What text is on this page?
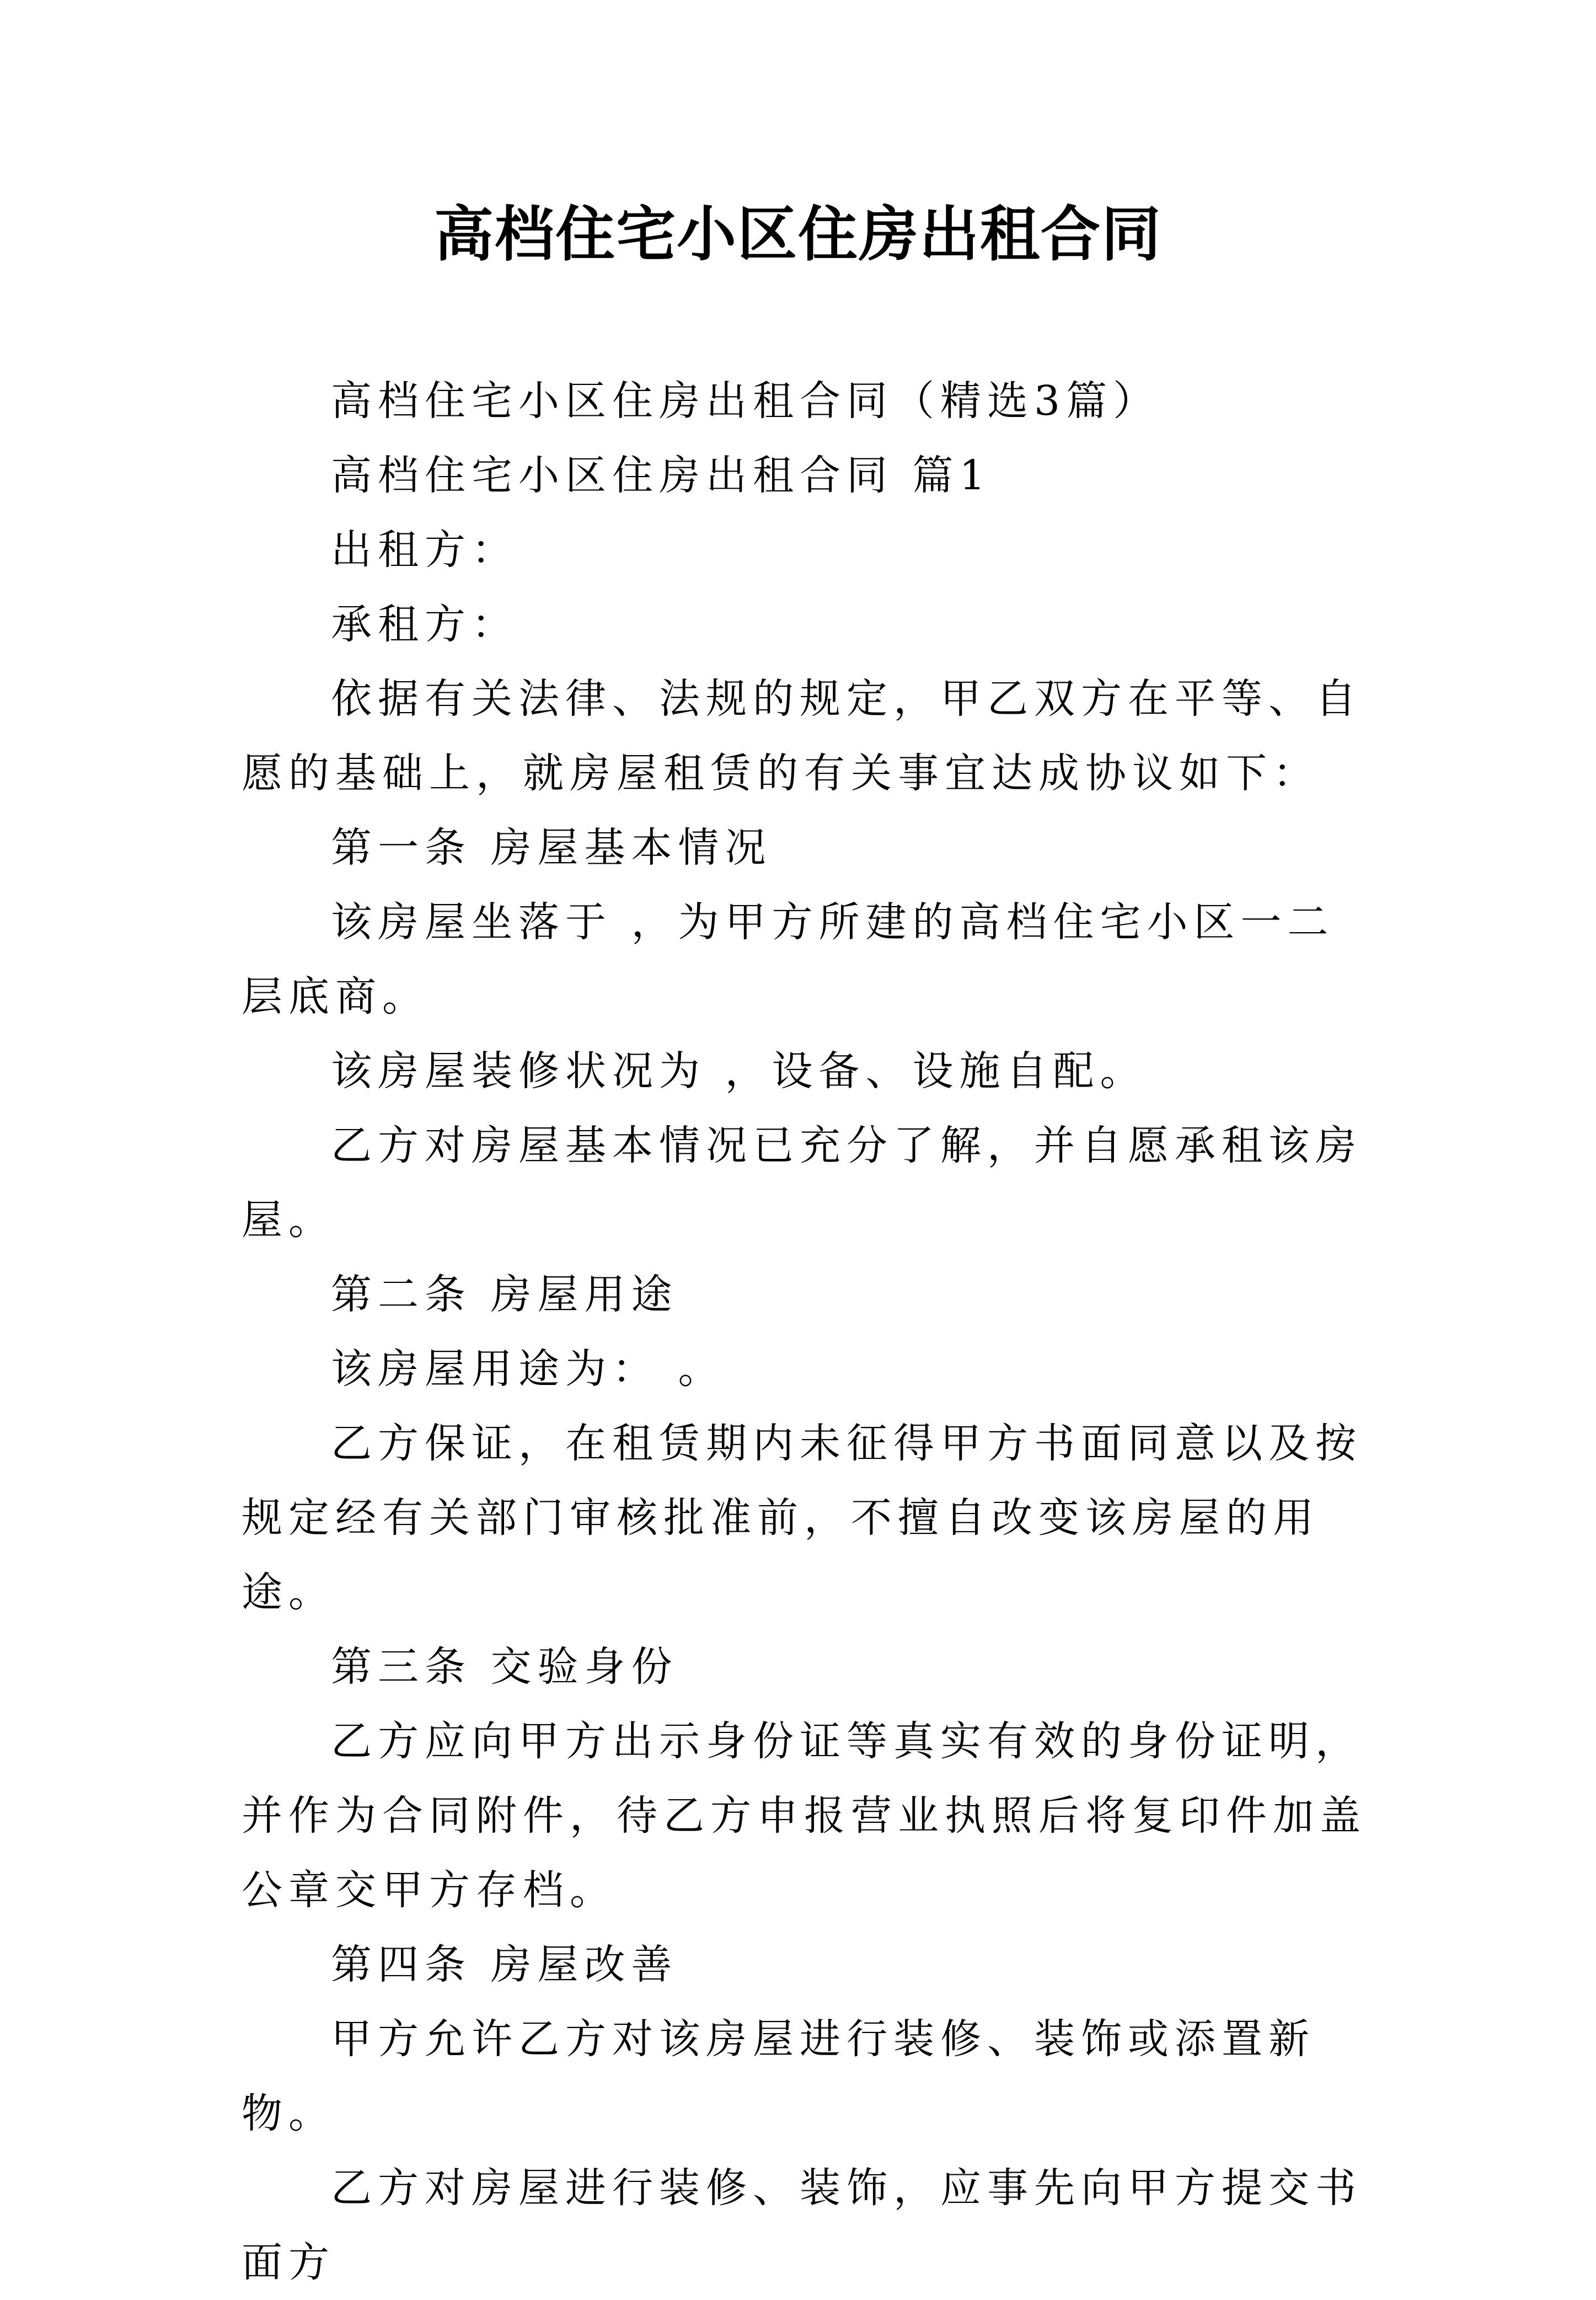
高档住宅小区住房出租合同

高档住宅小区住房出租合同（精选3篇）

高档住宅小区住房出租合同 篇1

出租方：

承租方：

依据有关法律、法规的规定，甲乙双方在平等、自愿的基础上，就房屋租赁的有关事宜达成协议如下：

第一条 房屋基本情况

该房屋坐落于 ，为甲方所建的高档住宅小区一二层底商。

该房屋装修状况为 ，设备、设施自配。

乙方对房屋基本情况已充分了解，并自愿承租该房屋。

第二条 房屋用途

该房屋用途为： 。

乙方保证，在租赁期内未征得甲方书面同意以及按规定经有关部门审核批准前，不擅自改变该房屋的用途。

第三条 交验身份

乙方应向甲方出示身份证等真实有效的身份证明，并作为合同附件，待乙方申报营业执照后将复印件加盖公章交甲方存档。

第四条 房屋改善

甲方允许乙方对该房屋进行装修、装饰或添置新物。

乙方对房屋进行装修、装饰，应事先向甲方提交书面方
